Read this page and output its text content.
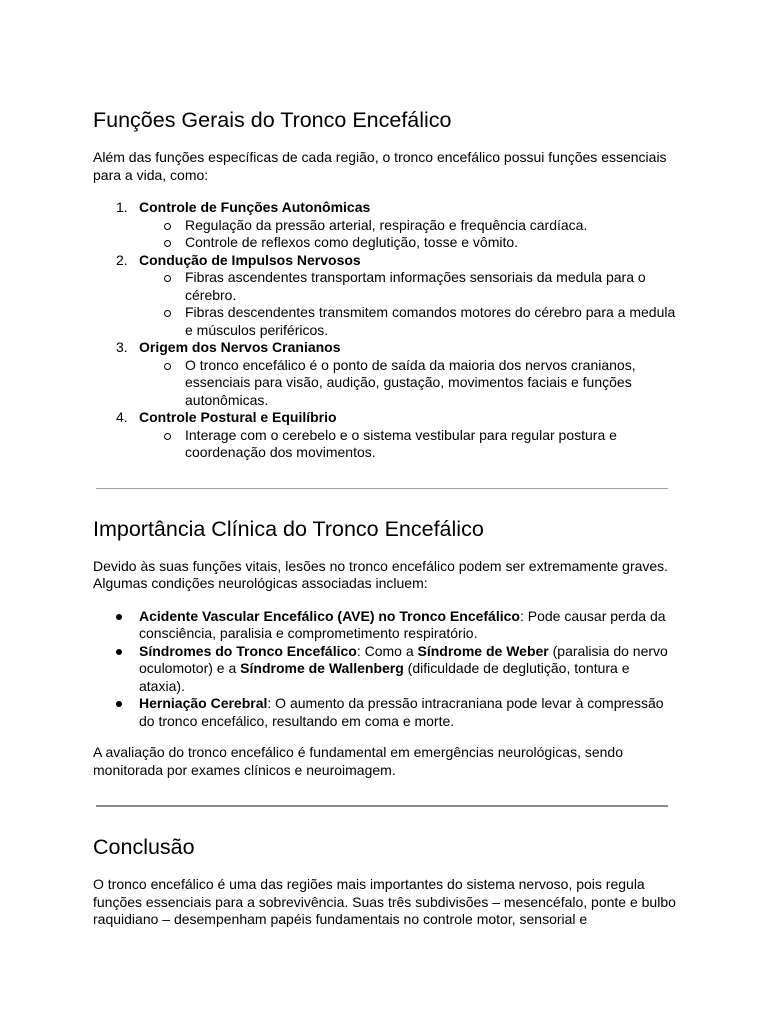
Funções Gerais do Tronco Encefálico

Além das funções específicas de cada região, o tronco encefálico possui funções essenciais para a vida, como:

1. Controle de Funções Autonômicas
Regulação da pressão arterial, respiração e frequência cardíaca.
Controle de reflexos como deglutição, tosse e vômito.
2. Condução de Impulsos Nervosos
Fibras ascendentes transportam informações sensoriais da medula para o cérebro.
Fibras descendentes transmitem comandos motores do cérebro para a medula e músculos periféricos.
3. Origem dos Nervos Cranianos
O tronco encefálico é o ponto de saída da maioria dos nervos cranianos, essenciais para visão, audição, gustação, movimentos faciais e funções autonômicas.
4. Controle Postural e Equilíbrio
Interage com o cerebelo e o sistema vestibular para regular postura e coordenação dos movimentos.
Importância Clínica do Tronco Encefálico

Devido às suas funções vitais, lesões no tronco encefálico podem ser extremamente graves. Algumas condições neurológicas associadas incluem:

Acidente Vascular Encefálico (AVE) no Tronco Encefálico: Pode causar perda da consciência, paralisia e comprometimento respiratório.
Síndromes do Tronco Encefálico: Como a Síndrome de Weber (paralisia do nervo oculomotor) e a Síndrome de Wallenberg (dificuldade de deglutição, tontura e ataxia).
Herniação Cerebral: O aumento da pressão intracraniana pode levar à compressão do tronco encefálico, resultando em coma e morte.

A avaliação do tronco encefálico é fundamental em emergências neurológicas, sendo monitorada por exames clínicos e neuroimagem.

Conclusão

O tronco encefálico é uma das regiões mais importantes do sistema nervoso, pois regula funções essenciais para a sobrevivência. Suas três subdivisões – mesencéfalo, ponte e bulbo raquidiano – desempenham papéis fundamentais no controle motor, sensorial e
